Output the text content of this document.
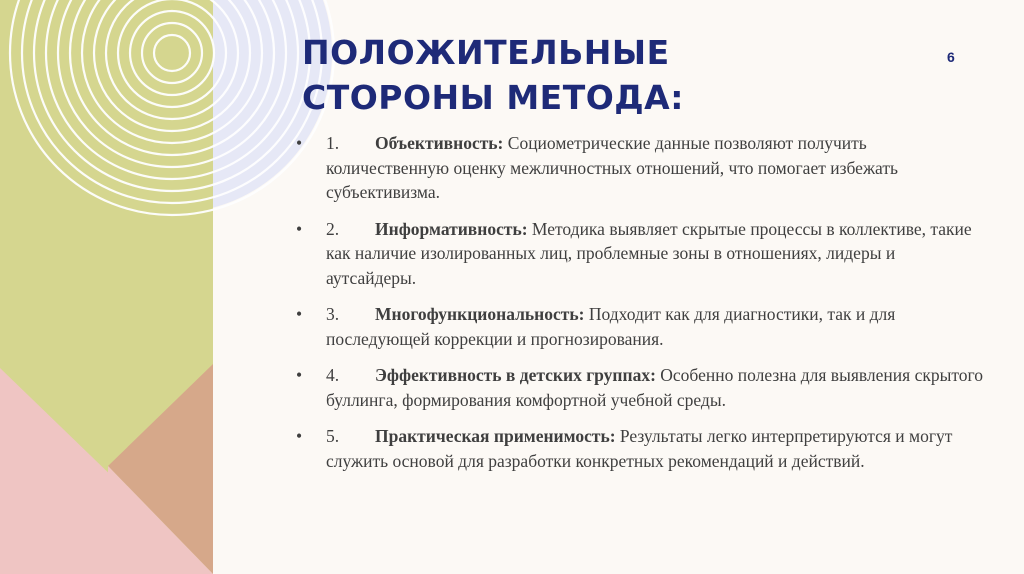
ПОЛОЖИТЕЛЬНЫЕ
СТОРОНЫ МЕТОДА:
6
• 1. Объективность: Социометрические данные позволяют получить количественную оценку межличностных отношений, что помогает избежать субъективизма.
• 2. Информативность: Методика выявляет скрытые процессы в коллективе, такие как наличие изолированных лиц, проблемные зоны в отношениях, лидеры и аутсайдеры.
• 3. Многофункциональность: Подходит как для диагностики, так и для последующей коррекции и прогнозирования.
• 4. Эффективность в детских группах: Особенно полезна для выявления скрытого буллинга, формирования комфортной учебной среды.
• 5. Практическая применимость: Результаты легко интерпретируются и могут служить основой для разработки конкретных рекомендаций и действий.
